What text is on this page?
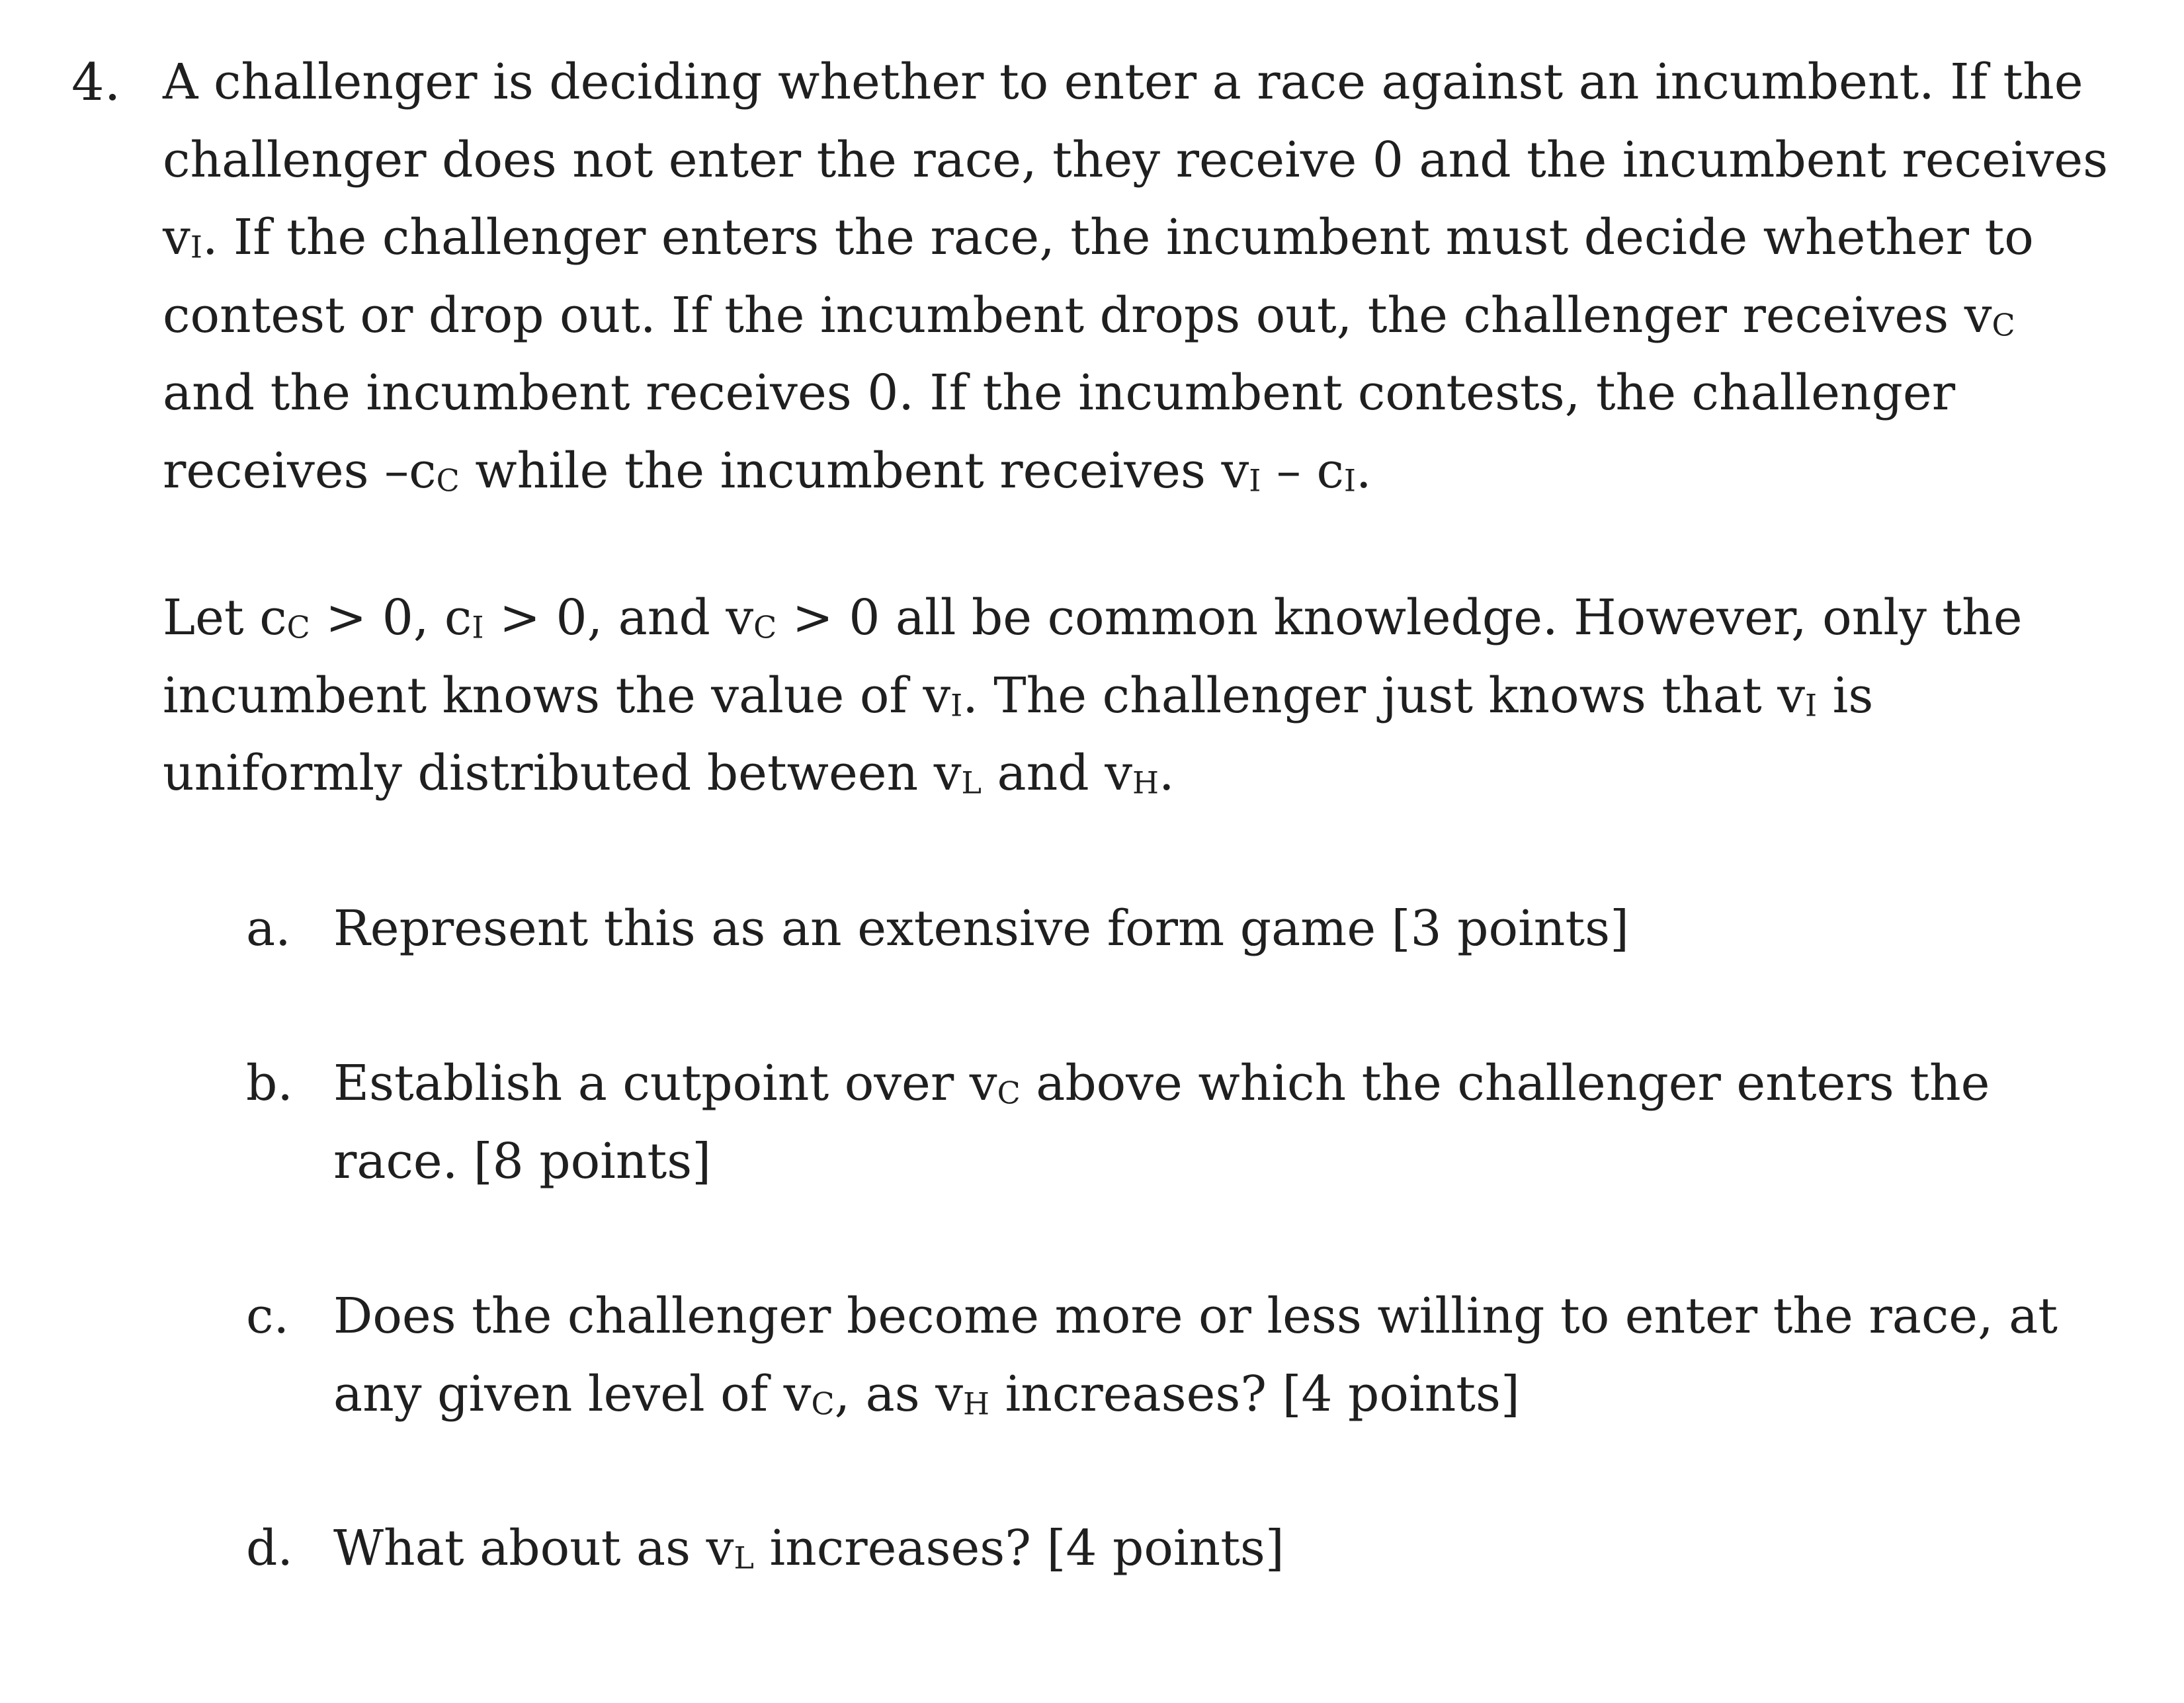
4. A challenger is deciding whether to enter a race against an incumbent. If the
challenger does not enter the race, they receive 0 and the incumbent receives
vI. If the challenger enters the race, the incumbent must decide whether to
contest or drop out. If the incumbent drops out, the challenger receives vC
and the incumbent receives 0. If the incumbent contests, the challenger
receives –cC while the incumbent receives vI – cI.
Let cC > 0, cI > 0, and vC > 0 all be common knowledge. However, only the
incumbent knows the value of vI. The challenger just knows that vI is
uniformly distributed between vL and vH.
a. Represent this as an extensive form game [3 points]
b. Establish a cutpoint over vC above which the challenger enters the
race. [8 points]
c. Does the challenger become more or less willing to enter the race, at
any given level of vC, as vH increases? [4 points]
d. What about as vL increases? [4 points]
